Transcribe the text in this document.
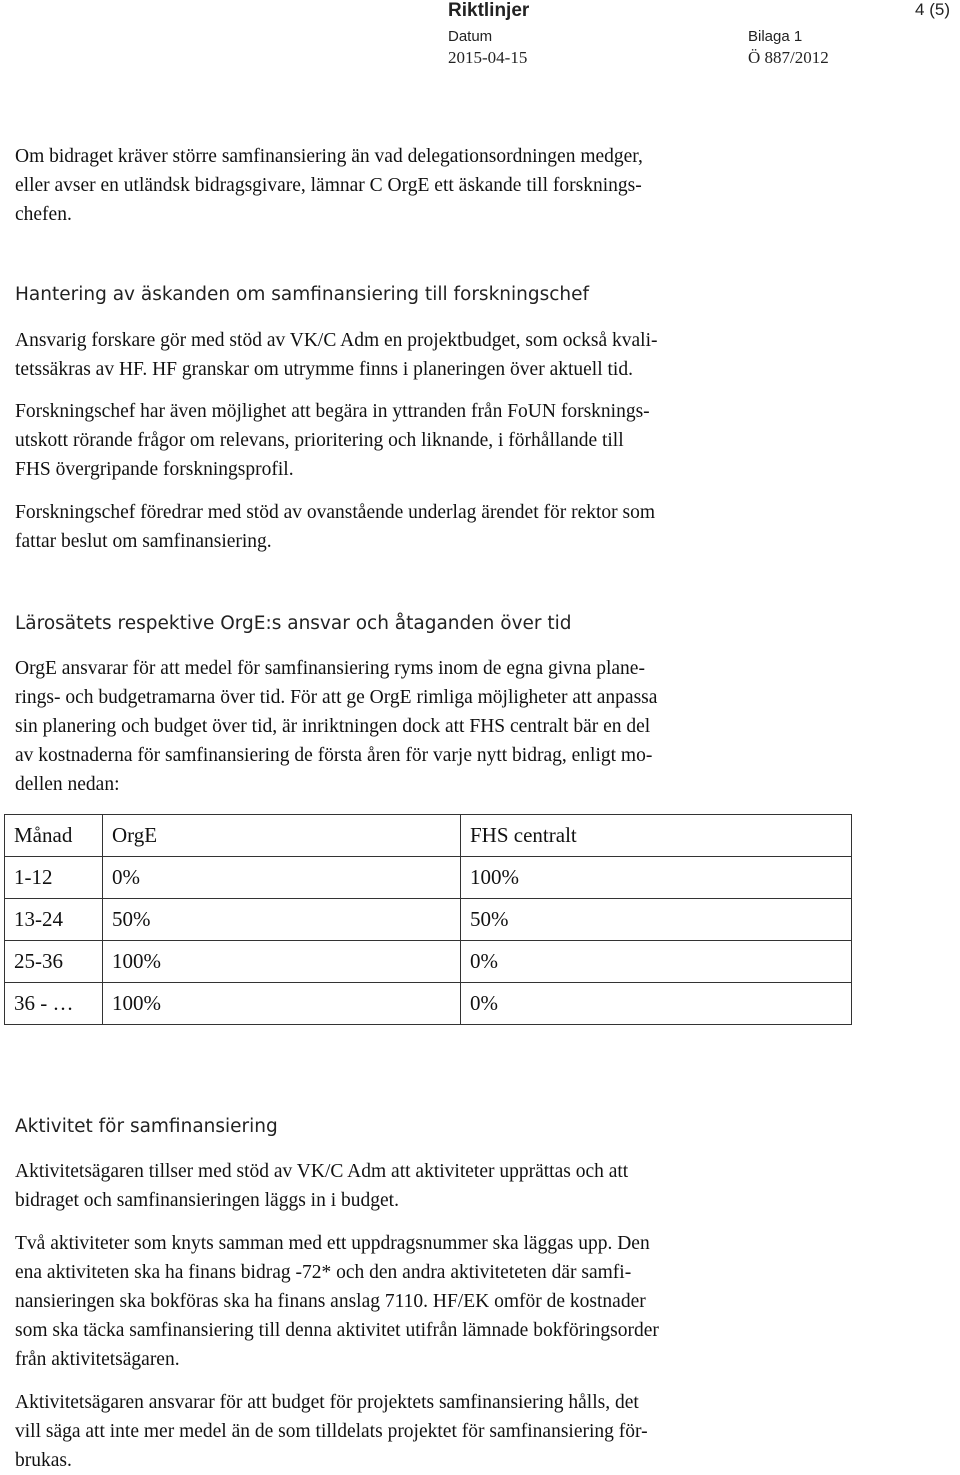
Riktlinjer	4 (5)
Datum	Bilaga 1
2015-04-15	Ö 887/2012
Om bidraget kräver större samfinansiering än vad delegationsordningen medger,
eller avser en utländsk bidragsgivare, lämnar C OrgE ett äskande till forsknings-
chefen.
Hantering av äskanden om samfinansiering till forskningschef
Ansvarig forskare gör med stöd av VK/C Adm en projektbudget, som också kvali-
tetssäkras av HF. HF granskar om utrymme finns i planeringen över aktuell tid.
Forskningschef har även möjlighet att begära in yttranden från FoUN forsknings-
utskott rörande frågor om relevans, prioritering och liknande, i förhållande till
FHS övergripande forskningsprofil.
Forskningschef föredrar med stöd av ovanstående underlag ärendet för rektor som
fattar beslut om samfinansiering.
Lärosätets respektive OrgE:s ansvar och åtaganden över tid
OrgE ansvarar för att medel för samfinansiering ryms inom de egna givna plane-
rings- och budgetramarna över tid. För att ge OrgE rimliga möjligheter att anpassa
sin planering och budget över tid, är inriktningen dock att FHS centralt bär en del
av kostnaderna för samfinansiering de första åren för varje nytt bidrag, enligt mo-
dellen nedan:
Månad	OrgE	FHS centralt
1-12	0%	100%
13-24	50%	50%
25-36	100%	0%
36 - …	100%	0%
Aktivitet för samfinansiering
Aktivitetsägaren tillser med stöd av VK/C Adm att aktiviteter upprättas och att
bidraget och samfinansieringen läggs in i budget.
Två aktiviteter som knyts samman med ett uppdragsnummer ska läggas upp. Den
ena aktiviteten ska ha finans bidrag -72* och den andra aktiviteteten där samfi-
nansieringen ska bokföras ska ha finans anslag 7110. HF/EK omför de kostnader
som ska täcka samfinansiering till denna aktivitet utifrån lämnade bokföringsorder
från aktivitetsägaren.
Aktivitetsägaren ansvarar för att budget för projektets samfinansiering hålls, det
vill säga att inte mer medel än de som tilldelats projektet för samfinansiering för-
brukas.
